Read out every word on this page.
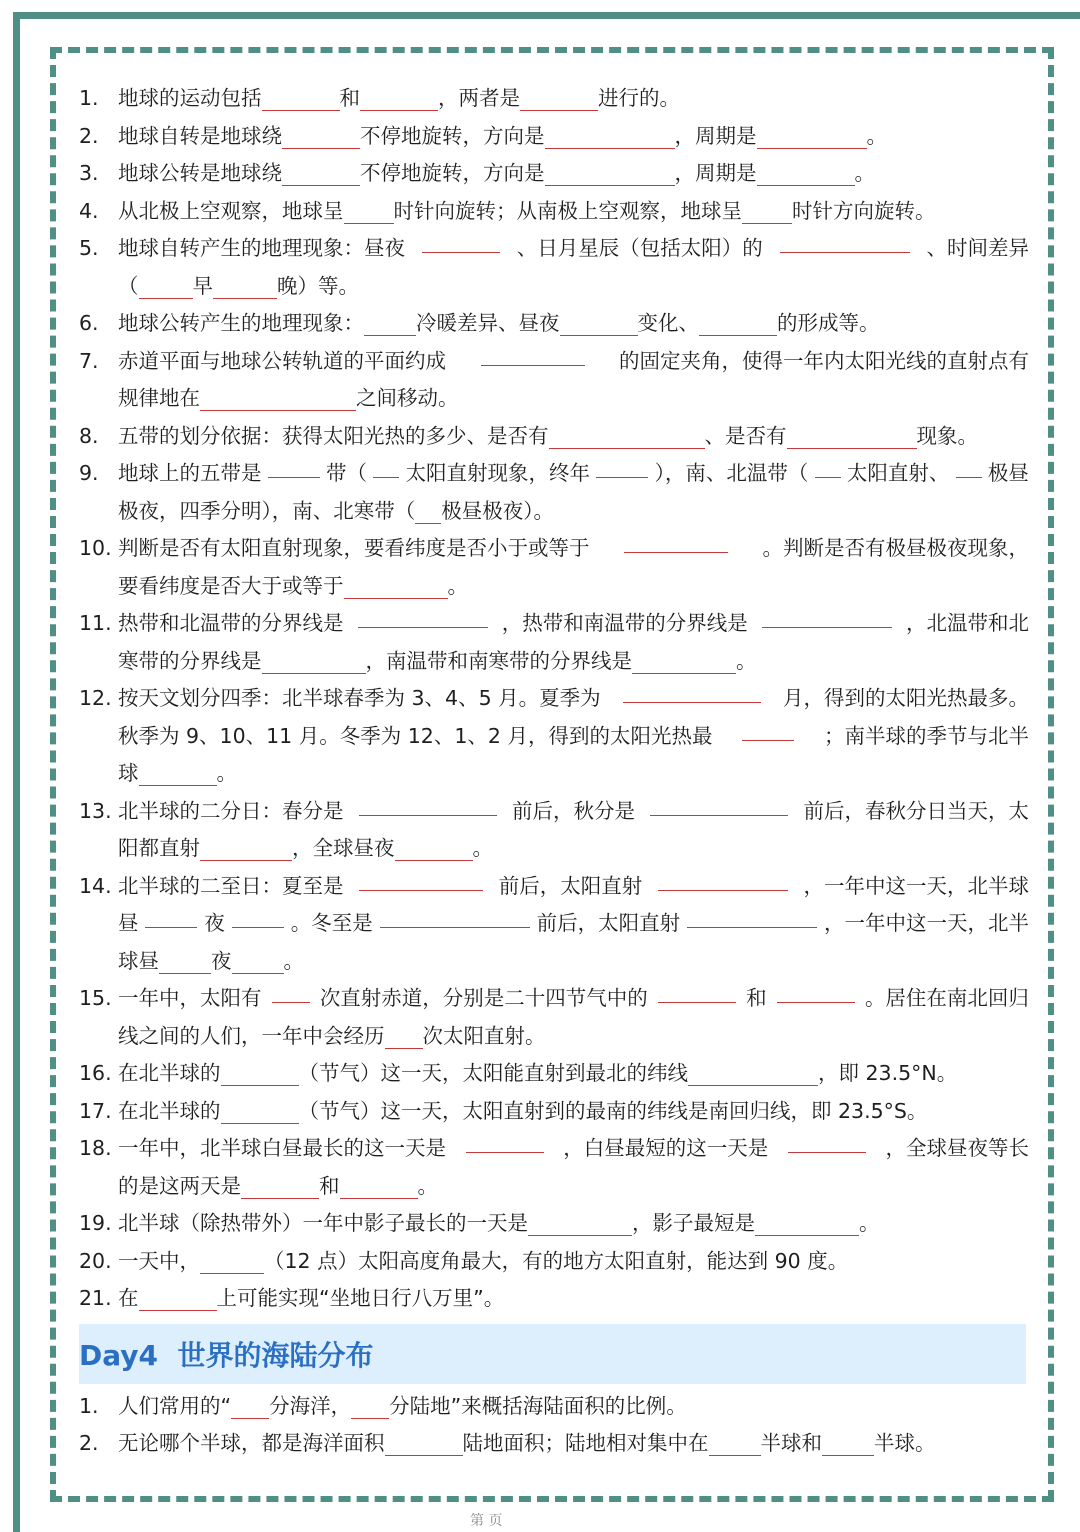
1. 地球的运动包括	和	，两者是	进行的。
2. 地球自转是地球绕	不停地旋转，方向是	，周期是	。
3. 地球公转是地球绕	不停地旋转，方向是	，周期是	。
4. 从北极上空观察，地球呈 时针向旋转；从南极上空观察，地球呈 时针方向旋转。
5. 地球自转产生的地理现象：昼夜	、日月星辰（包括太阳）的	、时间差异
（	早	晚）等。
6. 地球公转产生的地理现象：	冷暖差异、昼夜	变化、	的形成等。
7. 赤道平面与地球公转轨道的平面约成	的固定夹角，使得一年内太阳光线的直射点有
规律地在	之间移动。
8. 五带的划分依据：获得太阳光热的多少、是否有	、是否有	现象。
9. 地球上的五带是	带（ 太阳直射现象，终年	），南、北温带（ 太阳直射、 极昼
极夜，四季分明），南、北寒带（ 极昼极夜）。
10. 判断是否有太阳直射现象，要看纬度是否小于或等于	。判断是否有极昼极夜现象，
要看纬度是否大于或等于	。
11. 热带和北温带的分界线是	，热带和南温带的分界线是	，北温带和北
寒带的分界线是	，南温带和南寒带的分界线是	。
12. 按天文划分四季：北半球春季为 3、4、5 月。夏季为	月，得到的太阳光热最多。
秋季为 9、10、11 月。冬季为 12、1、2 月，得到的太阳光热最	；南半球的季节与北半
球	。
13. 北半球的二分日：春分是	前后，秋分是	前后，春秋分日当天，太
阳都直射	，全球昼夜	。
14. 北半球的二至日：夏至是	前后，太阳直射	，一年中这一天，北半球
昼	夜	。冬至是	前后，太阳直射	，一年中这一天，北半
球昼	夜	。
15. 一年中，太阳有	次直射赤道，分别是二十四节气中的	和	。居住在南北回归
线之间的人们，一年中会经历 次太阳直射。
16. 在北半球的	（节气）这一天，太阳能直射到最北的纬线	，即 23.5°N。
17. 在北半球的	（节气）这一天，太阳直射到的最南的纬线是南回归线，即 23.5°S。
18. 一年中，北半球白昼最长的这一天是	，白昼最短的这一天是	，全球昼夜等长
的是这两天是	和	。
19. 北半球（除热带外）一年中影子最长的一天是	，影子最短是	。
20. 一天中，	（12 点）太阳高度角最大，有的地方太阳直射，能达到 90 度。
21. 在	上可能实现“坐地日行八万里”。
Day4  世界的海陆分布
1. 人们常用的“ 分海洋， 分陆地”来概括海陆面积的比例。
2. 无论哪个半球，都是海洋面积	陆地面积；陆地相对集中在	半球和	半球。
第 页
